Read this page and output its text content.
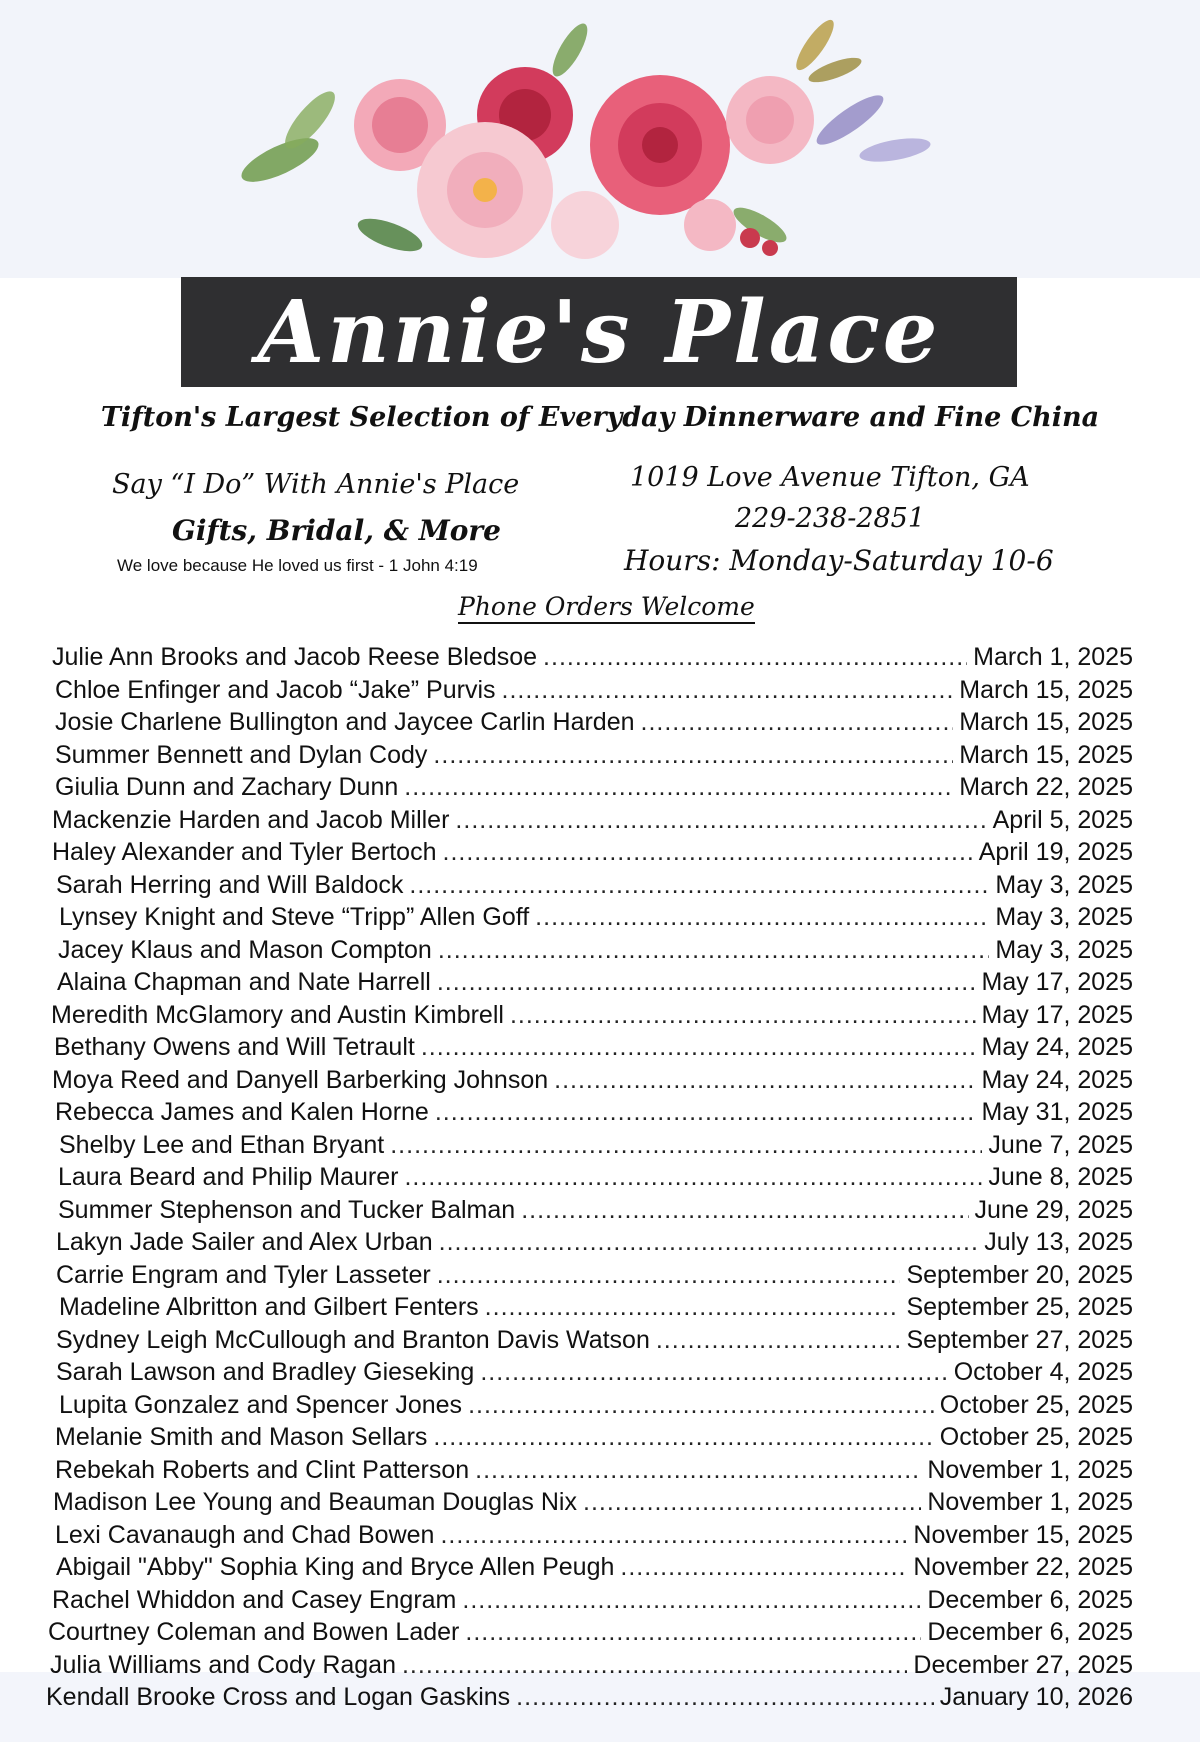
Annie's Place
Tifton's Largest Selection of Everyday Dinnerware and Fine China
Say “I Do” With Annie's Place
Gifts, Bridal, & More
We love because He loved us first - 1 John 4:19
1019 Love Avenue Tifton, GA
229-238-2851
Hours: Monday-Saturday 10-6
Phone Orders Welcome
Julie Ann Brooks and Jacob Reese Bledsoe .....	March 1, 2025
Chloe Enfinger and Jacob “Jake” Purvis .....	March 15, 2025
Josie Charlene Bullington and Jaycee Carlin Harden .....	March 15, 2025
Summer Bennett and Dylan Cody .....	March 15, 2025
Giulia Dunn and Zachary Dunn .....	March 22, 2025
Mackenzie Harden and Jacob Miller .....	April 5, 2025
Haley Alexander and Tyler Bertoch .....	April 19, 2025
Sarah Herring and Will Baldock .....	May 3, 2025
Lynsey Knight and Steve “Tripp” Allen Goff .....	May 3, 2025
Jacey Klaus and Mason Compton .....	May 3, 2025
Alaina Chapman and Nate Harrell .....	May 17, 2025
Meredith McGlamory and Austin Kimbrell .....	May 17, 2025
Bethany Owens and Will Tetrault .....	May 24, 2025
Moya Reed and Danyell Barberking Johnson .....	May 24, 2025
Rebecca James and Kalen Horne .....	May 31, 2025
Shelby Lee and Ethan Bryant .....	June 7, 2025
Laura Beard and Philip Maurer .....	June 8, 2025
Summer Stephenson and Tucker Balman .....	June 29, 2025
Lakyn Jade Sailer and Alex Urban .....	July 13, 2025
Carrie Engram and Tyler Lasseter .....	September 20, 2025
Madeline Albritton and Gilbert Fenters .....	September 25, 2025
Sydney Leigh McCullough and Branton Davis Watson .....	September 27, 2025
Sarah Lawson and Bradley Gieseking .....	October 4, 2025
Lupita Gonzalez and Spencer Jones .....	October 25, 2025
Melanie Smith and Mason Sellars .....	October 25, 2025
Rebekah Roberts and Clint Patterson .....	November 1, 2025
Madison Lee Young and Beauman Douglas Nix .....	November 1, 2025
Lexi Cavanaugh and Chad Bowen .....	November 15, 2025
Abigail "Abby" Sophia King and Bryce Allen Peugh .....	November 22, 2025
Rachel Whiddon and Casey Engram .....	December 6, 2025
Courtney Coleman and Bowen Lader .....	December 6, 2025
Julia Williams and Cody Ragan .....	December 27, 2025
Kendall Brooke Cross and Logan Gaskins .....	January 10, 2026
